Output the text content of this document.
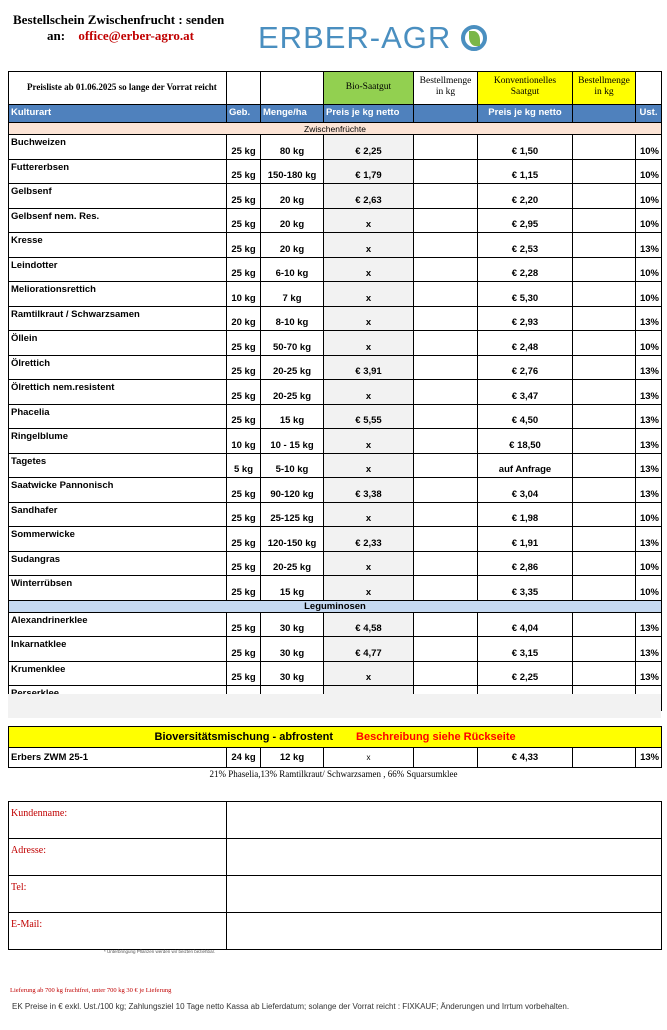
Bestellschein Zwischenfrucht : senden
an: office@erber-agro.at	ERBER-AGR
Preisliste ab 01.06.2025 so lange der Vorrat reicht			Bio-Saatgut	Bestellmenge in kg	Konventionelles Saatgut	Bestellmenge in kg	
Kulturart	Geb.	Menge/ha	Preis je kg netto		Preis je kg netto		Ust.
Zwischenfrüchte							
Buchweizen	25 kg	80 kg	€ 2,25		€ 1,50		10%
Futtererbsen	25 kg	150-180 kg	€ 1,79		€ 1,15		10%
Gelbsenf	25 kg	20 kg	€ 2,63		€ 2,20		10%
Gelbsenf nem. Res.	25 kg	20 kg	x		€ 2,95		10%
Kresse	25 kg	20 kg	x		€ 2,53		13%
Leindotter	25 kg	6-10 kg	x		€ 2,28		10%
Meliorationsrettich	10 kg	7 kg	x		€ 5,30		10%
Ramtilkraut / Schwarzsamen	20 kg	8-10 kg	x		€ 2,93		13%
Öllein	25 kg	50-70 kg	x		€ 2,48		10%
Ölrettich	25 kg	20-25 kg	€ 3,91		€ 2,76		13%
Ölrettich nem.resistent	25 kg	20-25 kg	x		€ 3,47		13%
Phacelia	25 kg	15 kg	€ 5,55		€ 4,50		13%
Ringelblume	10 kg	10 - 15 kg	x		€ 18,50		13%
Tagetes	5 kg	5-10 kg	x		auf Anfrage		13%
Saatwicke Pannonisch	25 kg	90-120 kg	€ 3,38		€ 3,04		13%
Sandhafer	25 kg	25-125 kg	x		€ 1,98		10%
Sommerwicke	25 kg	120-150 kg	€ 2,33		€ 1,91		13%
Sudangras	25 kg	20-25 kg	x		€ 2,86		10%
Winterrübsen	25 kg	15 kg	x		€ 3,35		10%
Leguminosen							
Alexandrinerklee	25 kg	30 kg	€ 4,58		€ 4,04		13%
Inkarnatklee	25 kg	30 kg	€ 4,77		€ 3,15		13%
Krumenklee	25 kg	30 kg	x		€ 2,25		13%

Bioversitätsmischung - abfrostent Beschreibung siehe Rückseite
Erbers ZWM 25-1	24 kg	12 kg	x		€ 4,33		13%
21% Phaselia,13% Ramtilkraut/ Schwarzsamen , 66% Squarsumklee
Kundenname:	
Adresse:	
Tel:	
E-Mail:	
* Unterbringung Pflanzen werden wir beizten beziehbar.
Lieferung ab 700 kg frachtfrei, unter 700 kg 30 € je Lieferung
EK Preise in € exkl. Ust./100 kg; Zahlungsziel 10 Tage netto Kassa ab Lieferdatum; solange der Vorrat reicht : FIXKAUF; Änderungen und Irrtum vorbehalten.
